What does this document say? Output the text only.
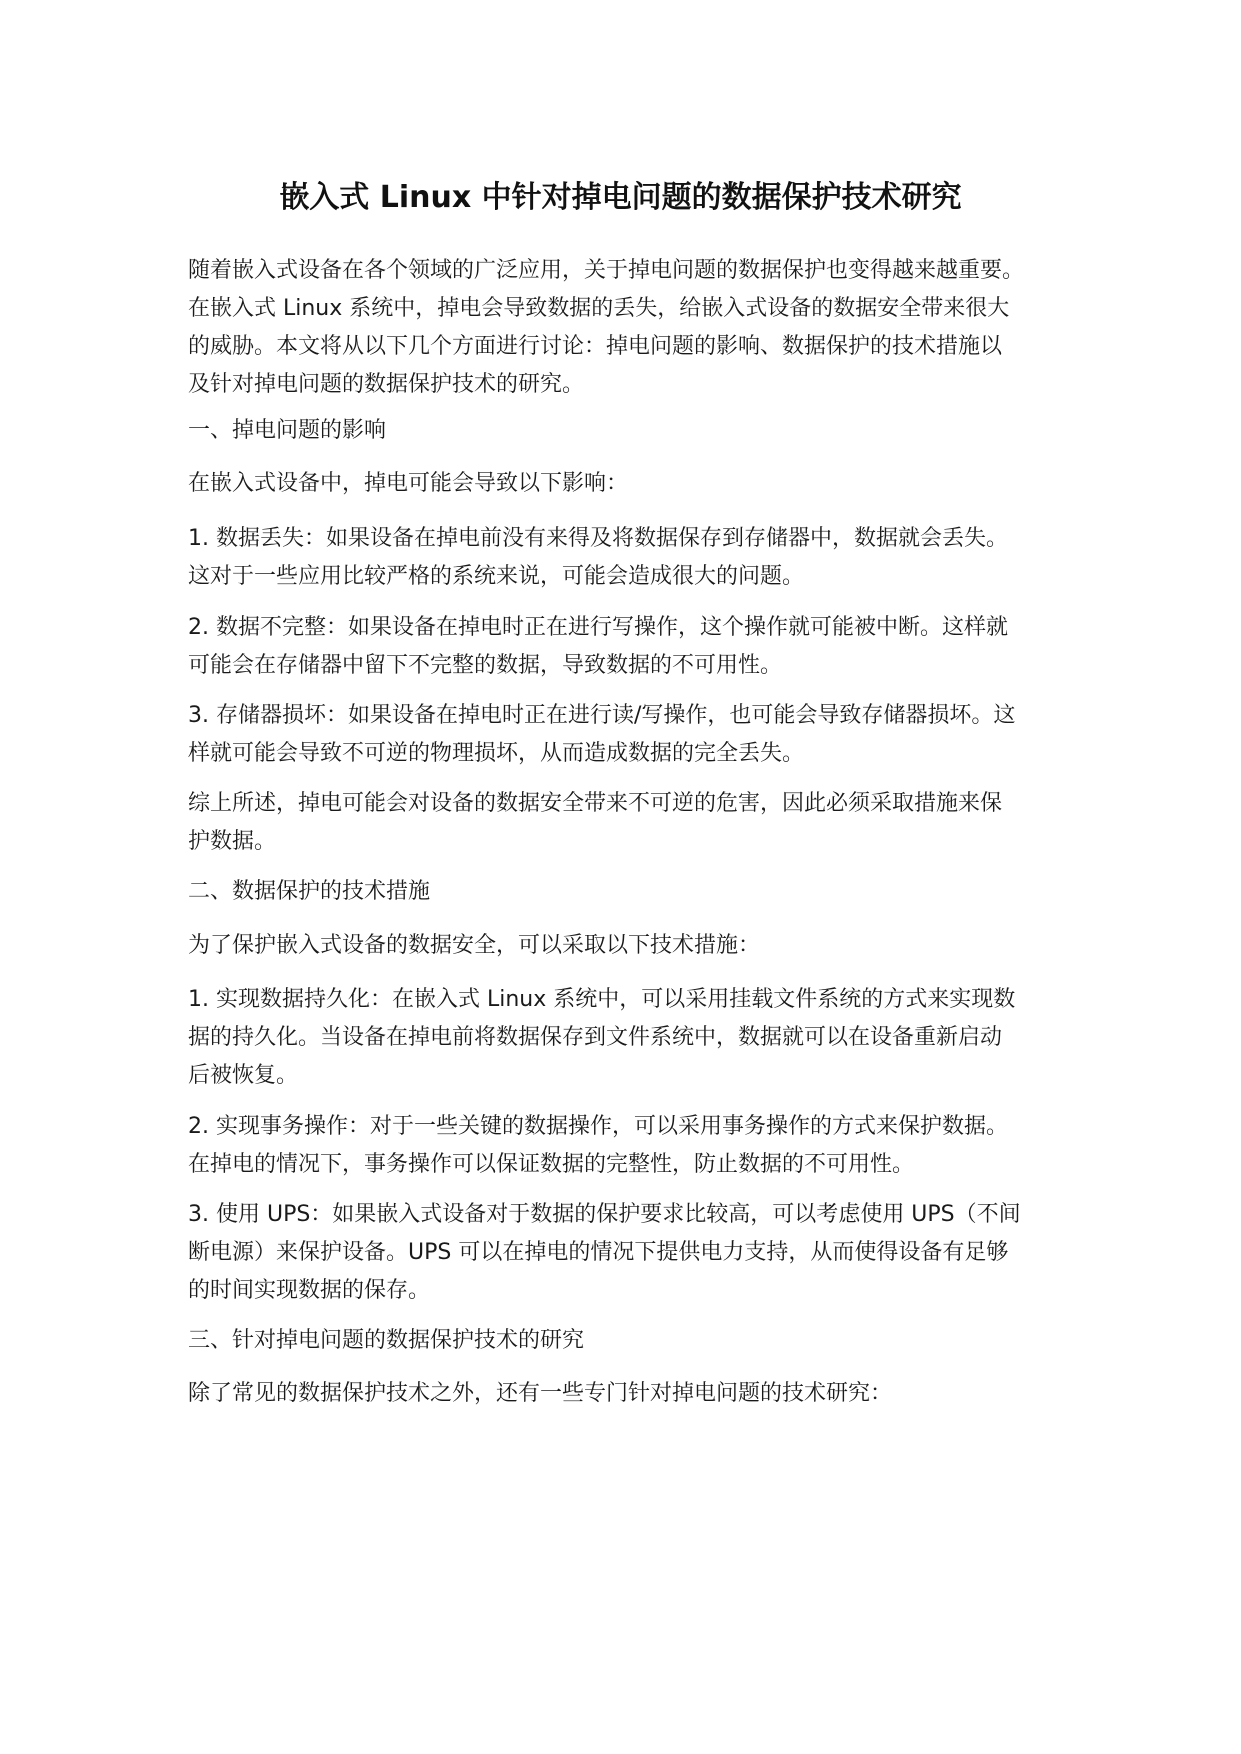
嵌入式 Linux 中针对掉电问题的数据保护技术研究

随着嵌入式设备在各个领域的广泛应用，关于掉电问题的数据保护也变得越来越重要。
在嵌入式 Linux 系统中，掉电会导致数据的丢失，给嵌入式设备的数据安全带来很大
的威胁。本文将从以下几个方面进行讨论：掉电问题的影响、数据保护的技术措施以
及针对掉电问题的数据保护技术的研究。

一、掉电问题的影响

在嵌入式设备中，掉电可能会导致以下影响：

1. 数据丢失：如果设备在掉电前没有来得及将数据保存到存储器中，数据就会丢失。
这对于一些应用比较严格的系统来说，可能会造成很大的问题。

2. 数据不完整：如果设备在掉电时正在进行写操作，这个操作就可能被中断。这样就
可能会在存储器中留下不完整的数据，导致数据的不可用性。

3. 存储器损坏：如果设备在掉电时正在进行读/写操作，也可能会导致存储器损坏。这
样就可能会导致不可逆的物理损坏，从而造成数据的完全丢失。

综上所述，掉电可能会对设备的数据安全带来不可逆的危害，因此必须采取措施来保
护数据。

二、数据保护的技术措施

为了保护嵌入式设备的数据安全，可以采取以下技术措施：

1. 实现数据持久化：在嵌入式 Linux 系统中，可以采用挂载文件系统的方式来实现数
据的持久化。当设备在掉电前将数据保存到文件系统中，数据就可以在设备重新启动
后被恢复。

2. 实现事务操作：对于一些关键的数据操作，可以采用事务操作的方式来保护数据。
在掉电的情况下，事务操作可以保证数据的完整性，防止数据的不可用性。

3. 使用 UPS：如果嵌入式设备对于数据的保护要求比较高，可以考虑使用 UPS（不间
断电源）来保护设备。UPS 可以在掉电的情况下提供电力支持，从而使得设备有足够
的时间实现数据的保存。

三、针对掉电问题的数据保护技术的研究

除了常见的数据保护技术之外，还有一些专门针对掉电问题的技术研究：
